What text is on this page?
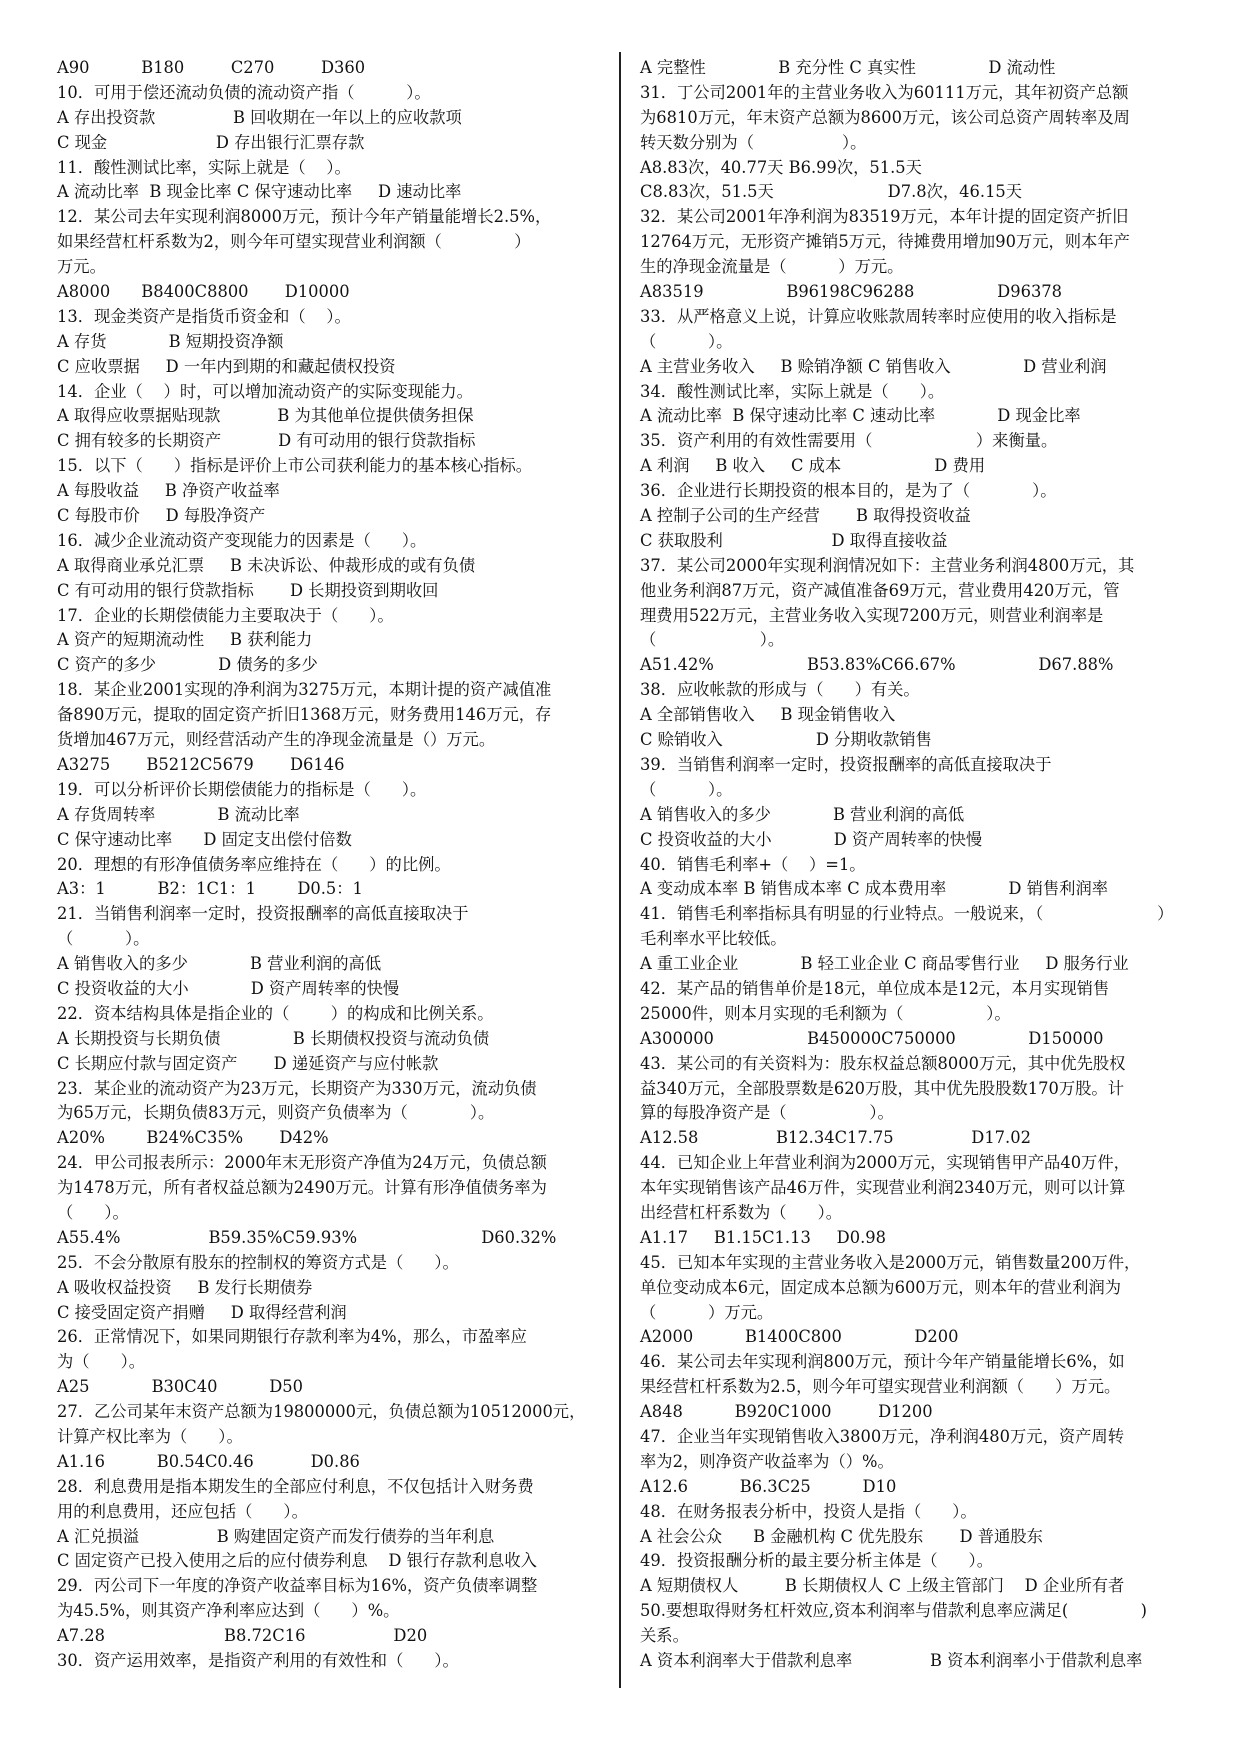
A90          B180         C270         D360
10．可用于偿还流动负债的流动资产指（          ）。
A 存出投资款               B 回收期在一年以上的应收款项
C 现金                     D 存出银行汇票存款
11．酸性测试比率，实际上就是（    ）。
A 流动比率  B 现金比率 C 保守速动比率     D 速动比率
12．某公司去年实现利润8000万元，预计今年产销量能增长2.5%，
如果经营杠杆系数为2，则今年可望实现营业利润额（              ）
万元。
A8000      B8400C8800       D10000
13．现金类资产是指货币资金和（    ）。
A 存货            B 短期投资净额
C 应收票据     D 一年内到期的和藏起债权投资
14．企业（    ）时，可以增加流动资产的实际变现能力。
A 取得应收票据贴现款           B 为其他单位提供债务担保
C 拥有较多的长期资产           D 有可动用的银行贷款指标
15．以下（      ）指标是评价上市公司获利能力的基本核心指标。
A 每股收益     B 净资产收益率
C 每股市价     D 每股净资产
16．减少企业流动资产变现能力的因素是（      ）。
A 取得商业承兑汇票     B 未决诉讼、仲裁形成的或有负债
C 有可动用的银行贷款指标       D 长期投资到期收回
17．企业的长期偿债能力主要取决于（      ）。
A 资产的短期流动性     B 获利能力
C 资产的多少            D 债务的多少
18．某企业2001实现的净利润为3275万元，本期计提的资产减值准
备890万元，提取的固定资产折旧1368万元，财务费用146万元，存
货增加467万元，则经营活动产生的净现金流量是（）万元。
A3275       B5212C5679       D6146
19．可以分析评价长期偿债能力的指标是（      ）。
A 存货周转率            B 流动比率
C 保守速动比率      D 固定支出偿付倍数
20．理想的有形净值债务率应维持在（      ）的比例。
A3：1          B2：1C1：1        D0.5：1
21．当销售利润率一定时，投资报酬率的高低直接取决于
（          ）。
A 销售收入的多少            B 营业利润的高低
C 投资收益的大小            D 资产周转率的快慢
22．资本结构具体是指企业的（        ）的构成和比例关系。
A 长期投资与长期负债              B 长期债权投资与流动负债
C 长期应付款与固定资产       D 递延资产与应付帐款
23．某企业的流动资产为23万元，长期资产为330万元，流动负债
为65万元，长期负债83万元，则资产负债率为（            ）。
A20%        B24%C35%       D42%
24．甲公司报表所示：2000年末无形资产净值为24万元，负债总额
为1478万元，所有者权益总额为2490万元。计算有形净值债务率为
（      ）。
A55.4%                 B59.35%C59.93%                        D60.32%
25．不会分散原有股东的控制权的筹资方式是（      ）。
A 吸收权益投资     B 发行长期债券
C 接受固定资产捐赠     D 取得经营利润
26．正常情况下，如果同期银行存款利率为4%，那么，市盈率应
为（      ）。
A25            B30C40          D50
27．乙公司某年末资产总额为19800000元，负债总额为10512000元，
计算产权比率为（      ）。
A1.16          B0.54C0.46           D0.86
28．利息费用是指本期发生的全部应付利息，不仅包括计入财务费
用的利息费用，还应包括（      ）。
A 汇兑损溢               B 购建固定资产而发行债券的当年利息
C 固定资产已投入使用之后的应付债券利息    D 银行存款利息收入
29．丙公司下一年度的净资产收益率目标为16%，资产负债率调整
为45.5%，则其资产净利率应达到（      ）%。
A7.28                       B8.72C16                 D20
30．资产运用效率，是指资产利用的有效性和（      ）。
A 完整性              B 充分性 C 真实性              D 流动性
31．丁公司2001年的主营业务收入为60111万元，其年初资产总额
为6810万元，年末资产总额为8600万元，该公司总资产周转率及周
转天数分别为（                 ）。
A8.83次，40.77天 B6.99次，51.5天
C8.83次，51.5天                      D7.8次，46.15天
32．某公司2001年净利润为83519万元，本年计提的固定资产折旧
12764万元，无形资产摊销5万元，待摊费用增加90万元，则本年产
生的净现金流量是（          ）万元。
A83519                B96198C96288                D96378
33．从严格意义上说，计算应收账款周转率时应使用的收入指标是
（          ）。
A 主营业务收入     B 赊销净额 C 销售收入              D 营业利润
34．酸性测试比率，实际上就是（      ）。
A 流动比率  B 保守速动比率 C 速动比率            D 现金比率
35．资产利用的有效性需要用（                    ）来衡量。
A 利润     B 收入     C 成本                  D 费用
36．企业进行长期投资的根本目的，是为了（            ）。
A 控制子公司的生产经营       B 取得投资收益
C 获取股利                     D 取得直接收益
37．某公司2000年实现利润情况如下：主营业务利润4800万元，其
他业务利润87万元，资产减值准备69万元，营业费用420万元，管
理费用522万元，主营业务收入实现7200万元，则营业利润率是
（                    ）。
A51.42%                  B53.83%C66.67%                D67.88%
38．应收帐款的形成与（      ）有关。
A 全部销售收入     B 现金销售收入
C 赊销收入                  D 分期收款销售
39．当销售利润率一定时，投资报酬率的高低直接取决于
（          ）。
A 销售收入的多少            B 营业利润的高低
C 投资收益的大小            D 资产周转率的快慢
40．销售毛利率+（    ）=1。
A 变动成本率 B 销售成本率 C 成本费用率            D 销售利润率
41．销售毛利率指标具有明显的行业特点。一般说来，（                      ）
毛利率水平比较低。
A 重工业企业            B 轻工业企业 C 商品零售行业     D 服务行业
42．某产品的销售单价是18元，单位成本是12元，本月实现销售
25000件，则本月实现的毛利额为（                ）。
A300000                  B450000C750000              D150000
43．某公司的有关资料为：股东权益总额8000万元，其中优先股权
益340万元，全部股票数是620万股，其中优先股股数170万股。计
算的每股净资产是（                ）。
A12.58               B12.34C17.75               D17.02
44．已知企业上年营业利润为2000万元，实现销售甲产品40万件，
本年实现销售该产品46万件，实现营业利润2340万元，则可以计算
出经营杠杆系数为（      ）。
A1.17     B1.15C1.13     D0.98
45．已知本年实现的主营业务收入是2000万元，销售数量200万件，
单位变动成本6元，固定成本总额为600万元，则本年的营业利润为
（          ）万元。
A2000          B1400C800              D200
46．某公司去年实现利润800万元，预计今年产销量能增长6%，如
果经营杠杆系数为2.5，则今年可望实现营业利润额（      ）万元。
A848          B920C1000         D1200
47．企业当年实现销售收入3800万元，净利润480万元，资产周转
率为2，则净资产收益率为（）%。
A12.6          B6.3C25          D10
48．在财务报表分析中，投资人是指（      ）。
A 社会公众      B 金融机构 C 优先股东       D 普通股东
49．投资报酬分析的最主要分析主体是（      ）。
A 短期债权人         B 长期债权人 C 上级主管部门    D 企业所有者
50.要想取得财务杠杆效应,资本利润率与借款利息率应满足(              )
关系。
A 资本利润率大于借款利息率               B 资本利润率小于借款利息率
